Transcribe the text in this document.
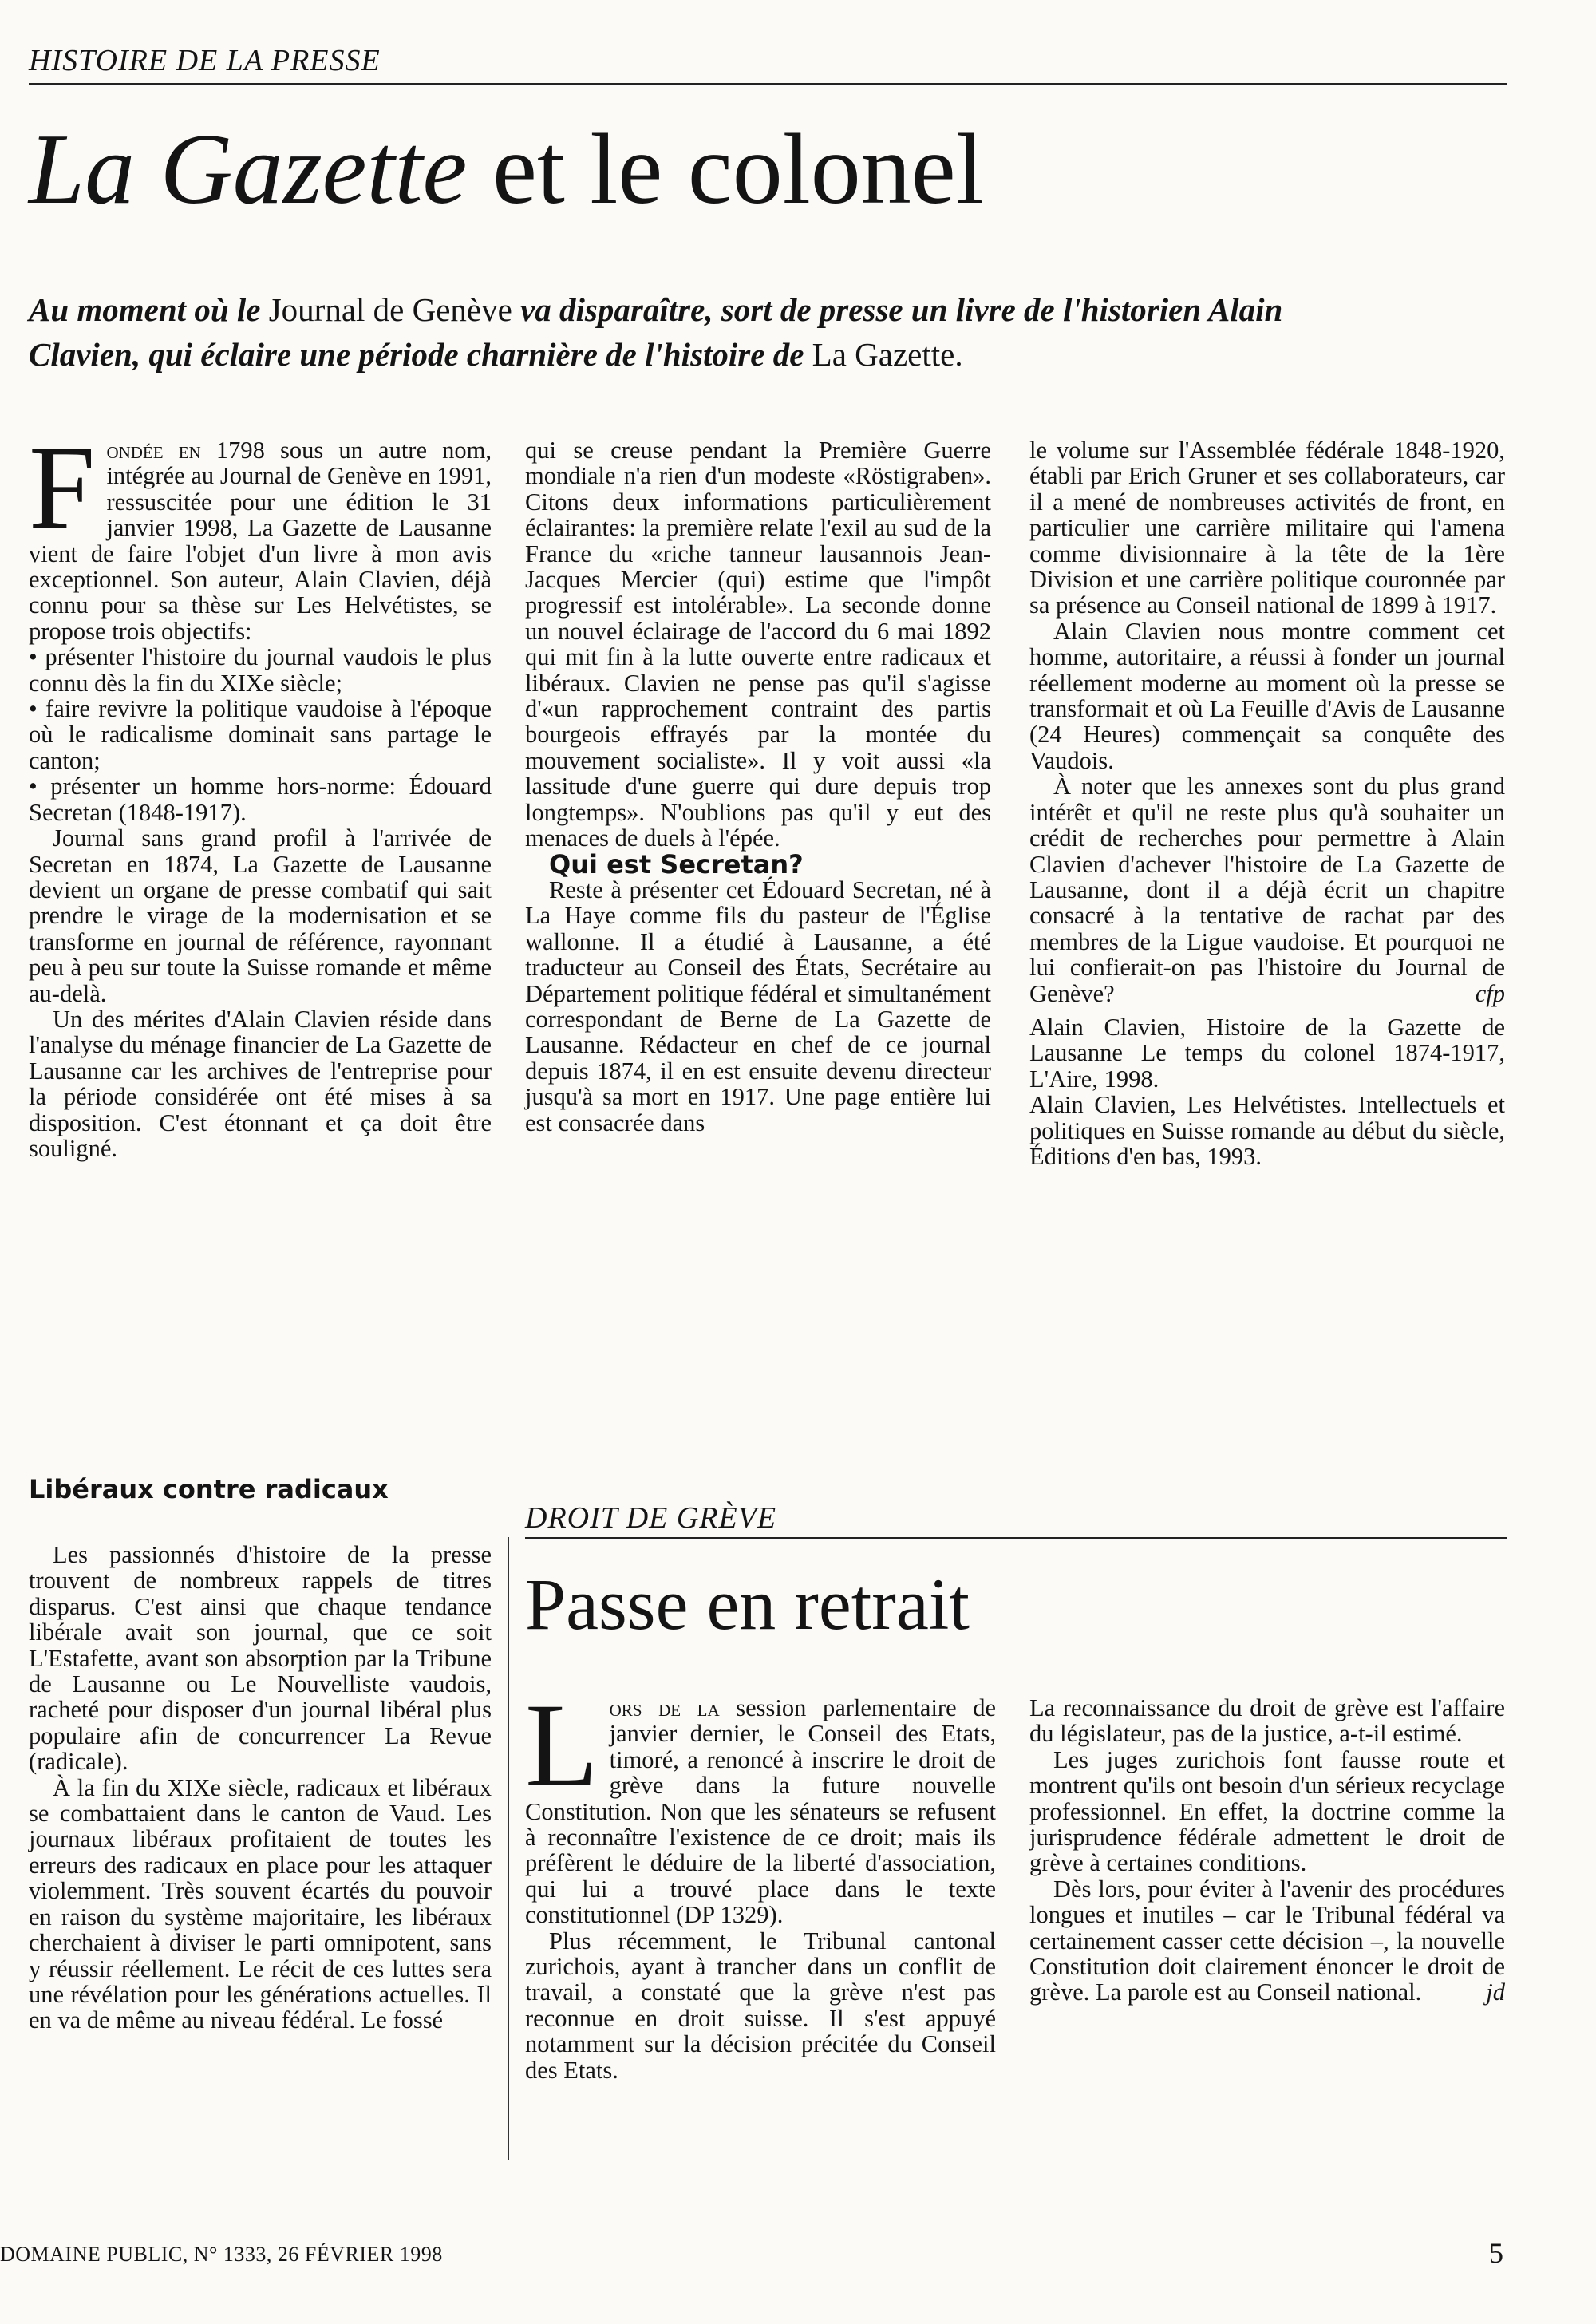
HISTOIRE DE LA PRESSE
La Gazette et le colonel

Au moment où le Journal de Genève va disparaître, sort de presse un livre de l'historien Alain Clavien, qui éclaire une période charnière de l'histoire de La Gazette.

Fondée en 1798 sous un autre nom, intégrée au Journal de Genève en 1991, ressuscitée pour une édition le 31 janvier 1998, La Gazette de Lausanne vient de faire l'objet d'un livre à mon avis exceptionnel. Son auteur, Alain Clavien, déjà connu pour sa thèse sur Les Helvétistes, se propose trois objectifs:

• présenter l'histoire du journal vaudois le plus connu dès la fin du XIXe siècle;

• faire revivre la politique vaudoise à l'époque où le radicalisme dominait sans partage le canton;

• présenter un homme hors-norme: Édouard Secretan (1848-1917).

Journal sans grand profil à l'arrivée de Secretan en 1874, La Gazette de Lausanne devient un organe de presse combatif qui sait prendre le virage de la modernisation et se transforme en journal de référence, rayonnant peu à peu sur toute la Suisse romande et même au-delà.

Un des mérites d'Alain Clavien réside dans l'analyse du ménage financier de La Gazette de Lausanne car les archives de l'entreprise pour la période considérée ont été mises à sa disposition. C'est étonnant et ça doit être souligné.

Libéraux contre radicaux

Les passionnés d'histoire de la presse trouvent de nombreux rappels de titres disparus. C'est ainsi que chaque tendance libérale avait son journal, que ce soit L'Estafette, avant son absorption par la Tribune de Lausanne ou Le Nouvelliste vaudois, racheté pour disposer d'un journal libéral plus populaire afin de concurrencer La Revue (radicale).

À la fin du XIXe siècle, radicaux et libéraux se combattaient dans le canton de Vaud. Les journaux libéraux profitaient de toutes les erreurs des radicaux en place pour les attaquer violemment. Très souvent écartés du pouvoir en raison du système majoritaire, les libéraux cherchaient à diviser le parti omnipotent, sans y réussir réellement. Le récit de ces luttes sera une révélation pour les générations actuelles. Il en va de même au niveau fédéral. Le fossé

qui se creuse pendant la Première Guerre mondiale n'a rien d'un modeste «Röstigraben». Citons deux informations particulièrement éclairantes: la première relate l'exil au sud de la France du «riche tanneur lausannois Jean-Jacques Mercier (qui) estime que l'impôt progressif est intolérable». La seconde donne un nouvel éclairage de l'accord du 6 mai 1892 qui mit fin à la lutte ouverte entre radicaux et libéraux. Clavien ne pense pas qu'il s'agisse d'«un rapprochement contraint des partis bourgeois effrayés par la montée du mouvement socialiste». Il y voit aussi «la lassitude d'une guerre qui dure depuis trop longtemps». N'oublions pas qu'il y eut des menaces de duels à l'épée.

Qui est Secretan?

Reste à présenter cet Édouard Secretan, né à La Haye comme fils du pasteur de l'Église wallonne. Il a étudié à Lausanne, a été traducteur au Conseil des États, Secrétaire au Département politique fédéral et simultanément correspondant de Berne de La Gazette de Lausanne. Rédacteur en chef de ce journal depuis 1874, il en est ensuite devenu directeur jusqu'à sa mort en 1917. Une page entière lui est consacrée dans

le volume sur l'Assemblée fédérale 1848-1920, établi par Erich Gruner et ses collaborateurs, car il a mené de nombreuses activités de front, en particulier une carrière militaire qui l'amena comme divisionnaire à la tête de la 1ère Division et une carrière politique couronnée par sa présence au Conseil national de 1899 à 1917.

Alain Clavien nous montre comment cet homme, autoritaire, a réussi à fonder un journal réellement moderne au moment où la presse se transformait et où La Feuille d'Avis de Lausanne (24 Heures) commençait sa conquête des Vaudois.

À noter que les annexes sont du plus grand intérêt et qu'il ne reste plus qu'à souhaiter un crédit de recherches pour permettre à Alain Clavien d'achever l'histoire de La Gazette de Lausanne, dont il a déjà écrit un chapitre consacré à la tentative de rachat par des membres de la Ligue vaudoise. Et pourquoi ne lui confierait-on pas l'histoire du Journal de Genève?	cfp

Alain Clavien, Histoire de la Gazette de Lausanne Le temps du colonel 1874-1917, L'Aire, 1998.

Alain Clavien, Les Helvétistes. Intellectuels et politiques en Suisse romande au début du siècle, Éditions d'en bas, 1993.

DROIT DE GRÈVE
Passe en retrait

Lors de la session parlementaire de janvier dernier, le Conseil des Etats, timoré, a renoncé à inscrire le droit de grève dans la future nouvelle Constitution. Non que les sénateurs se refusent à reconnaître l'existence de ce droit; mais ils préfèrent le déduire de la liberté d'association, qui lui a trouvé place dans le texte constitutionnel (DP 1329).

Plus récemment, le Tribunal cantonal zurichois, ayant à trancher dans un conflit de travail, a constaté que la grève n'est pas reconnue en droit suisse. Il s'est appuyé notamment sur la décision précitée du Conseil des Etats.

La reconnaissance du droit de grève est l'affaire du législateur, pas de la justice, a-t-il estimé.

Les juges zurichois font fausse route et montrent qu'ils ont besoin d'un sérieux recyclage professionnel. En effet, la doctrine comme la jurisprudence fédérale admettent le droit de grève à certaines conditions.

Dès lors, pour éviter à l'avenir des procédures longues et inutiles – car le Tribunal fédéral va certainement casser cette décision –, la nouvelle Constitution doit clairement énoncer le droit de grève. La parole est au Conseil national.	jd

DOMAINE PUBLIC, N° 1333, 26 FÉVRIER 1998	5
